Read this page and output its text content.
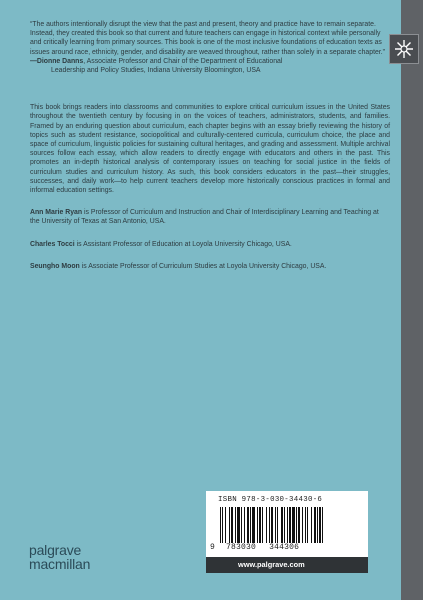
“The authors intentionally disrupt the view that the past and present, theory and practice have to remain separate. Instead, they created this book so that current and future teachers can engage in historical context while personally and critically learning from primary sources. This book is one of the most inclusive foundations of education texts as issues around race, ethnicity, gender, and disability are weaved throughout, rather than solely in a separate chapter.”

—Dionne Danns, Associate Professor and Chair of the Department of Educational
Leadership and Policy Studies, Indiana University Bloomington, USA

This book brings readers into classrooms and communities to explore critical curriculum issues in the United States throughout the twentieth century by focusing in on the voices of teachers, administrators, students, and families. Framed by an enduring question about curriculum, each chapter begins with an essay briefly reviewing the history of topics such as student resistance, sociopolitical and culturally-centered curricula, curriculum choice, the place and space of curriculum, linguistic policies for sustaining cultural heritages, and grading and assessment. Multiple archival sources follow each essay, which allow readers to directly engage with educators and others in the past. This promotes an in-depth historical analysis of contemporary issues on teaching for social justice in the fields of curriculum studies and curriculum history. As such, this book considers educators in the past—their struggles, successes, and daily work—to help current teachers develop more historically conscious practices in formal and informal education settings.

Ann Marie Ryan is Professor of Curriculum and Instruction and Chair of Interdisciplinary Learning and Teaching at the University of Texas at San Antonio, USA.

Charles Tocci is Assistant Professor of Education at Loyola University Chicago, USA.

Seungho Moon is Associate Professor of Curriculum Studies at Loyola University Chicago, USA.

ISBN 978-3-030-34430-6
9 783030 344306
www.palgrave.com
palgrave
macmillan
